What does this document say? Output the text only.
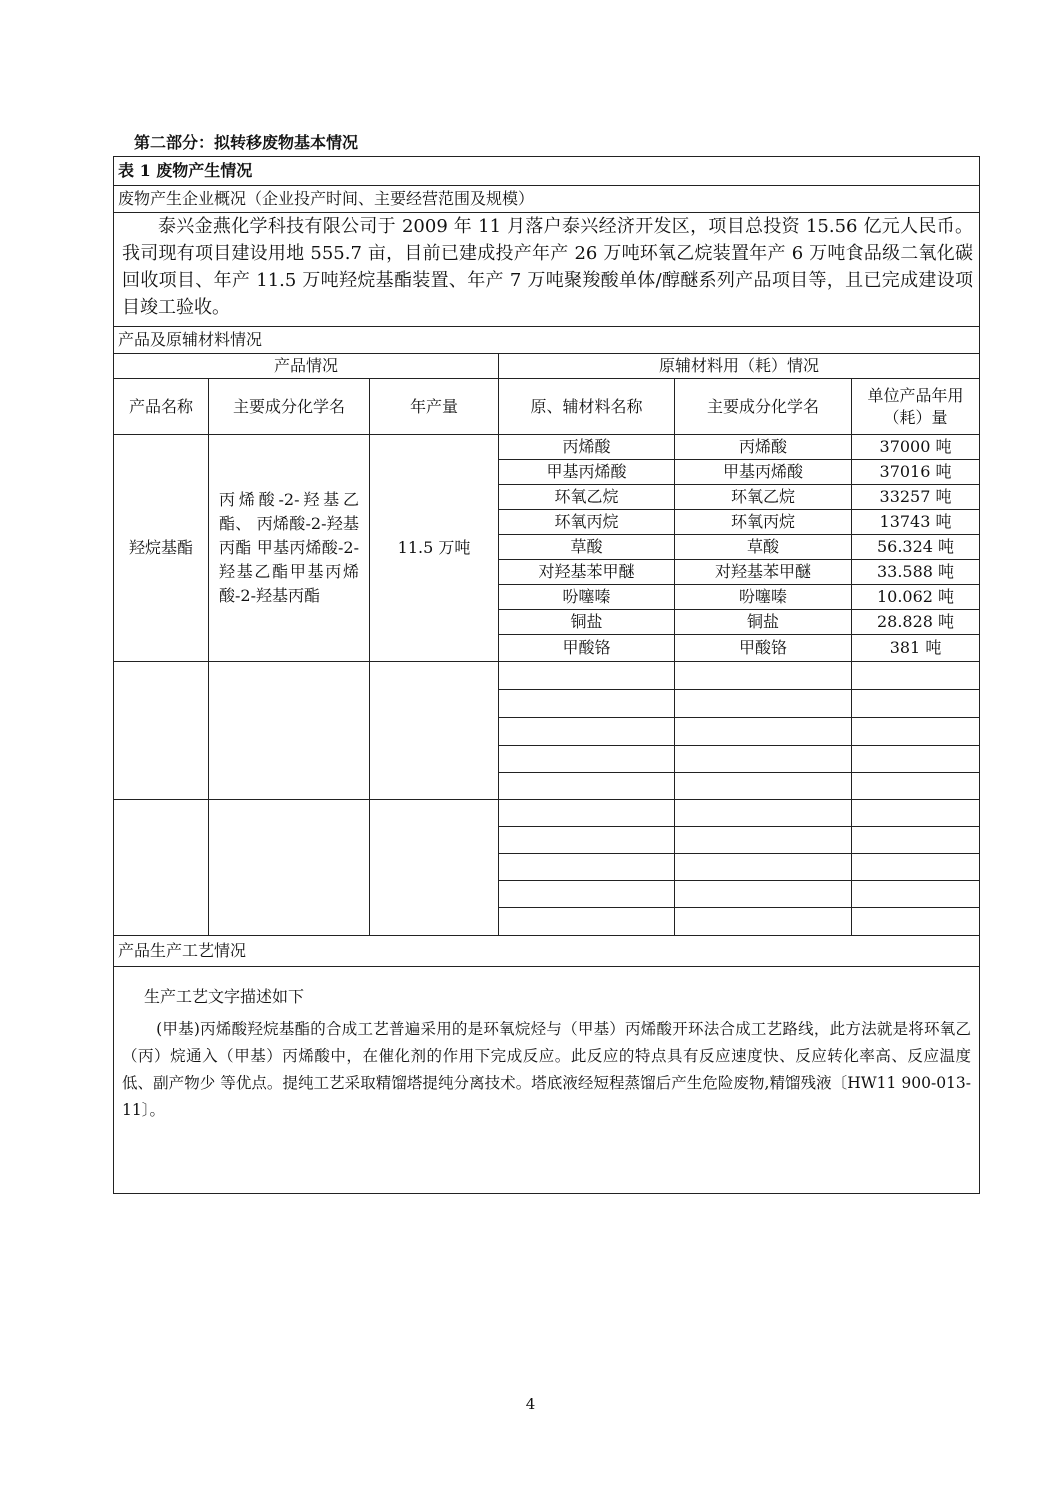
第二部分：拟转移废物基本情况
表 1 废物产生情况					
废物产生企业概况（企业投产时间、主要经营范围及规模）					

泰兴金燕化学科技有限公司于 2009 年 11 月落户泰兴经济开发区，项目总投资 15.56 亿元人民币。我司现有项目建设用地 555.7 亩，目前已建成投产年产 26 万吨环氧乙烷装置年产 6 万吨食品级二氧化碳回收项目、年产 11.5 万吨羟烷基酯装置、年产 7 万吨聚羧酸单体/醇醚系列产品项目等，且已完成建设项目竣工验收。					

产品及原辅材料情况					
产品情况			原辅材料用（耗）情况		
产品名称	主要成分化学名	年产量	原、辅材料名称	主要成分化学名	单位产品年用（耗）量
羟烷基酯	丙烯酸-2-羟基乙酯、 丙烯酸-2-羟基丙酯 甲基丙烯酸-2-羟基乙酯甲基丙烯酸-2-羟基丙酯	11.5 万吨	丙烯酸	丙烯酸	37000 吨
			甲基丙烯酸	甲基丙烯酸	37016 吨
			环氧乙烷	环氧乙烷	33257 吨
			环氧丙烷	环氧丙烷	13743 吨
			草酸	草酸	56.324 吨
			对羟基苯甲醚	对羟基苯甲醚	33.588 吨
			吩噻嗪	吩噻嗪	10.062 吨
			铜盐	铜盐	28.828 吨
			甲酸铬	甲酸铬	381 吨

产品生产工艺情况					

生产工艺文字描述如下

(甲基)丙烯酸羟烷基酯的合成工艺普遍采用的是环氧烷烃与（甲基）丙烯酸开环法合成工艺路线，此方法就是将环氧乙（丙）烷通入（甲基）丙烯酸中，在催化剂的作用下完成反应。此反应的特点具有反应速度快、反应转化率高、反应温度低、副产物少 等优点。提纯工艺采取精馏塔提纯分离技术。塔底液经短程蒸馏后产生危险废物,精馏残液〔HW11 900-013-11〕。					

4
